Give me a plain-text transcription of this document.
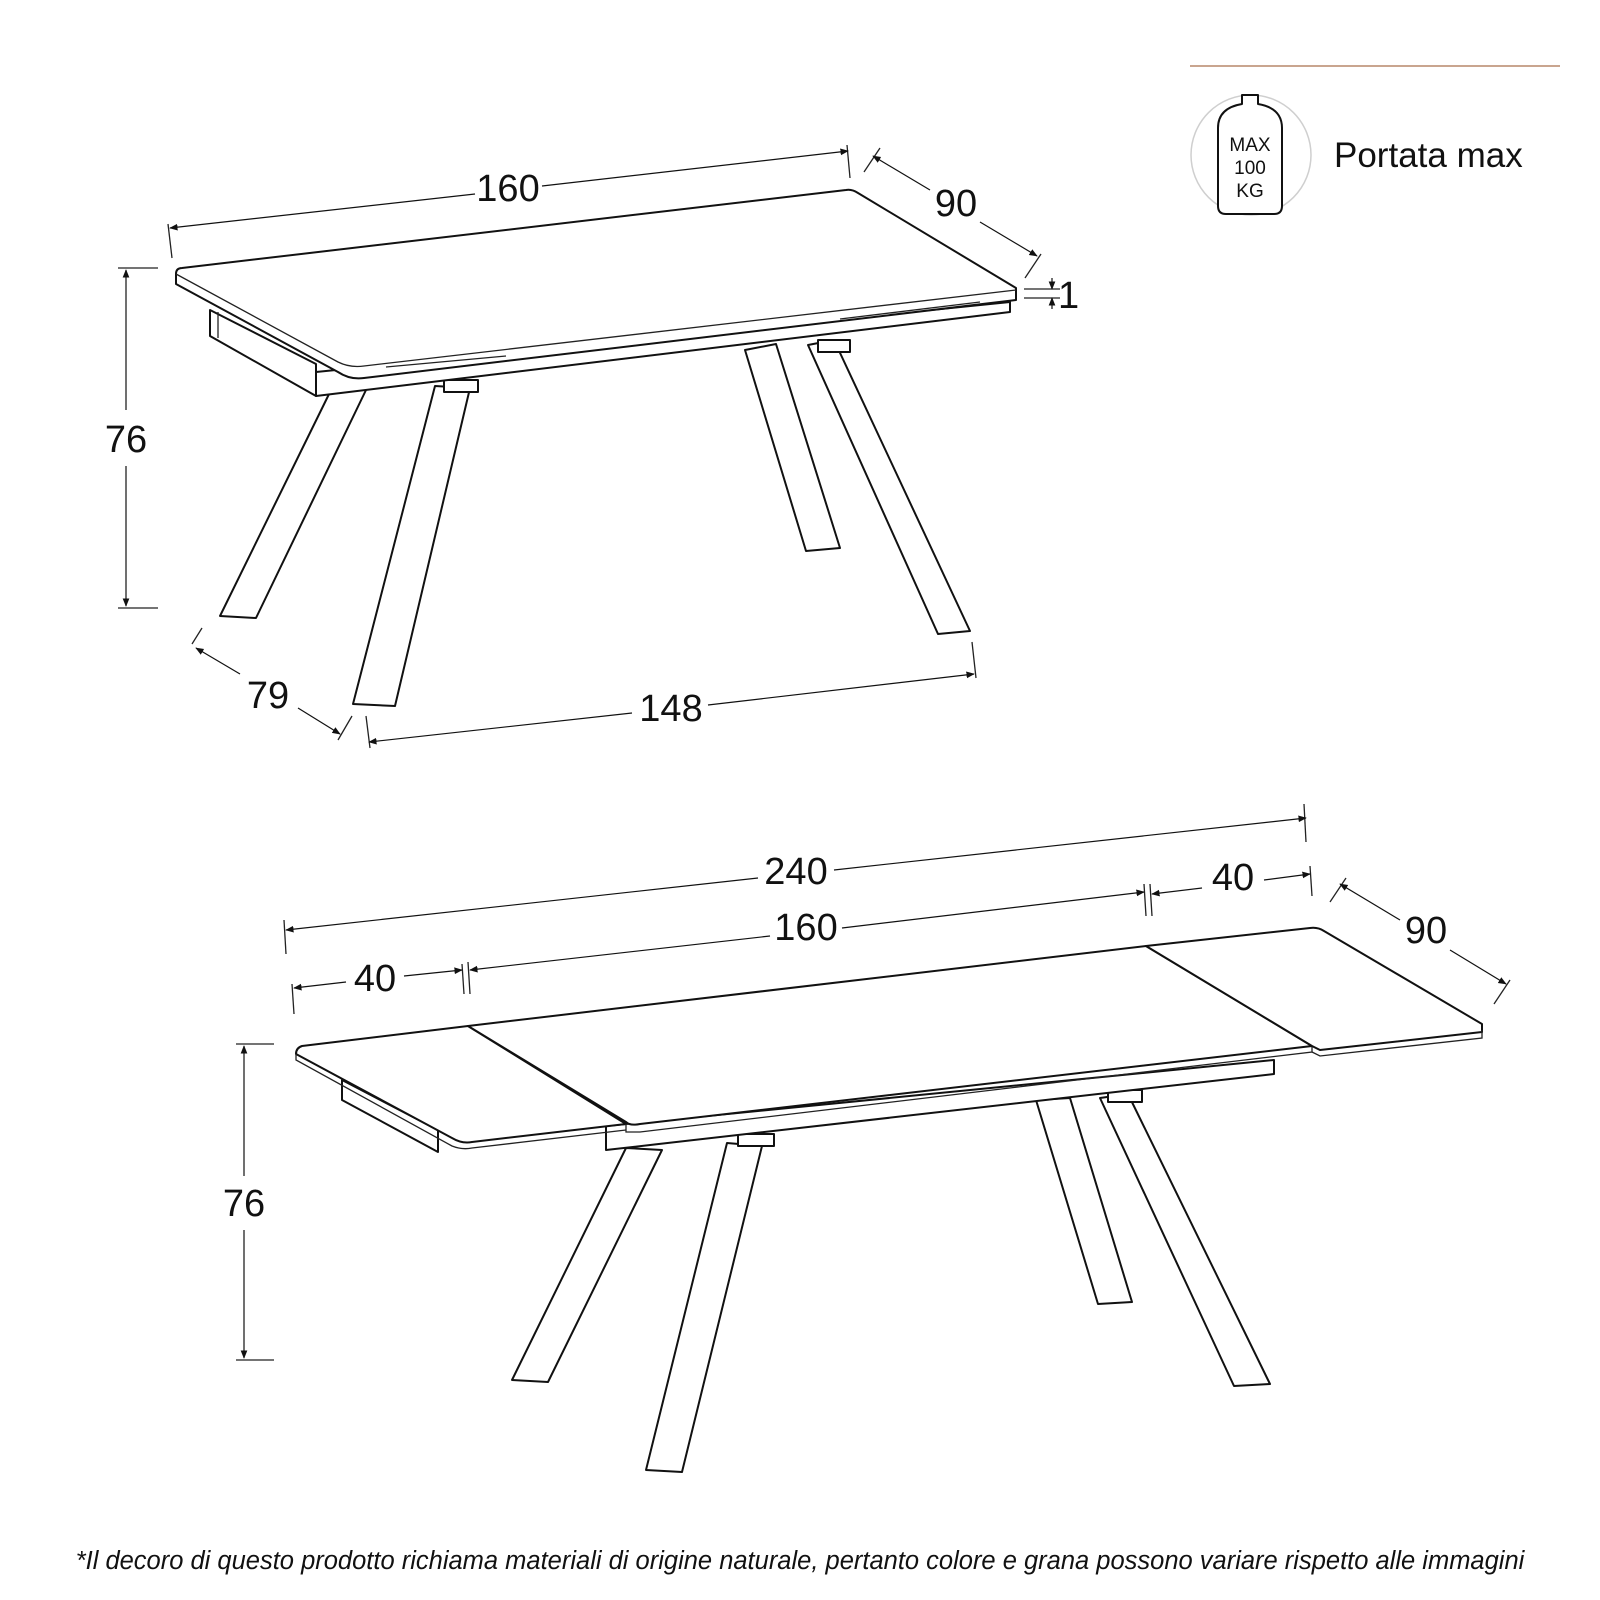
MAX
100
KG
Portata max
160	90
1
76
79	148
240	40
160
40
90
76
*Il decoro di questo prodotto richiama materiali di origine naturale, pertanto colore e grana possono variare rispetto alle immagini
